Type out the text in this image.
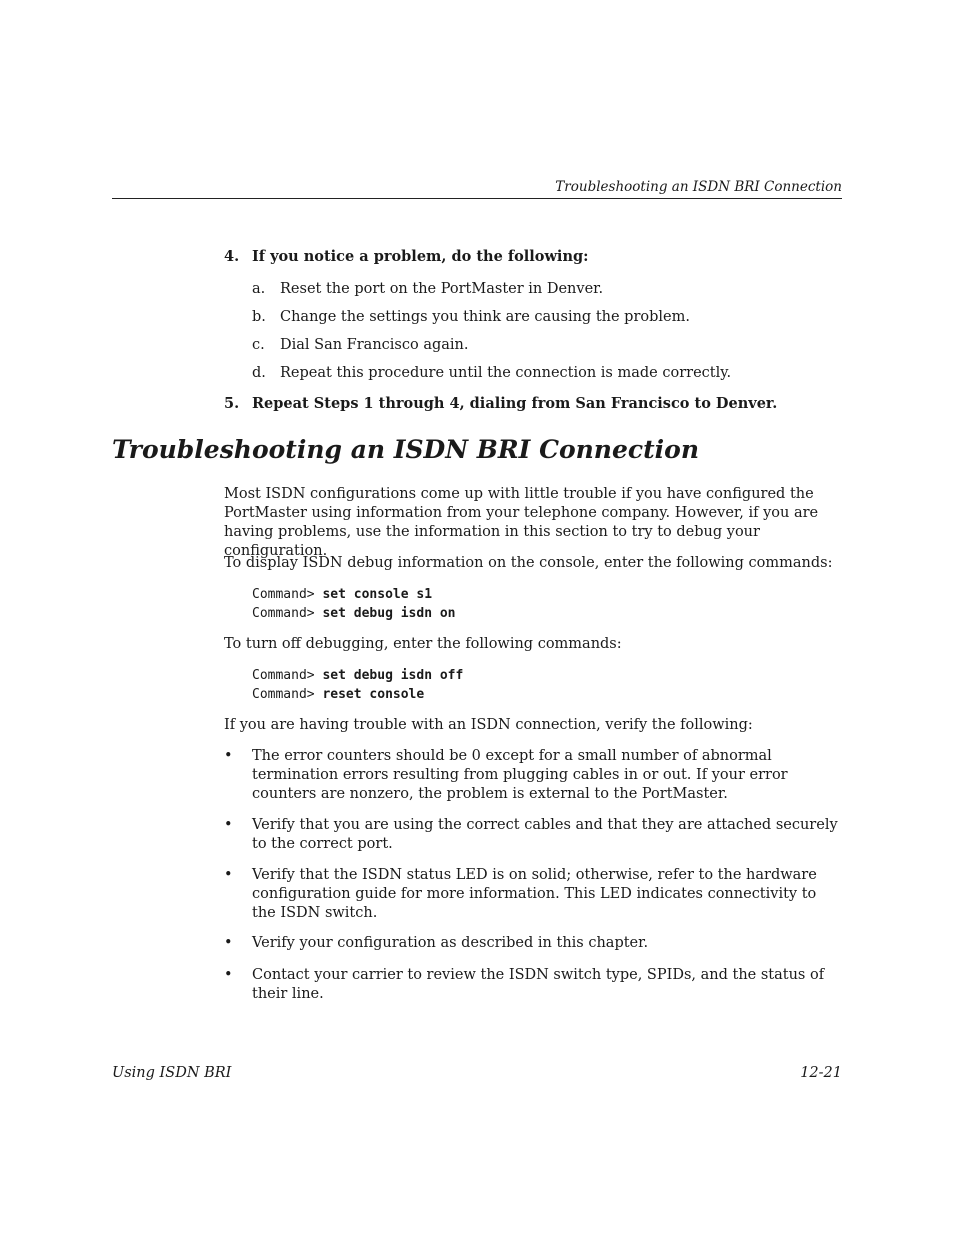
Troubleshooting an ISDN BRI Connection

4. If you notice a problem, do the following:

a. Reset the port on the PortMaster in Denver.

b. Change the settings you think are causing the problem.

c. Dial San Francisco again.

d. Repeat this procedure until the connection is made correctly.

5. Repeat Steps 1 through 4, dialing from San Francisco to Denver.

Troubleshooting an ISDN BRI Connection

Most ISDN configurations come up with little trouble if you have configured the PortMaster using information from your telephone company. However, if you are having problems, use the information in this section to try to debug your configuration.

To display ISDN debug information on the console, enter the following commands:

Command> set console s1

Command> set debug isdn on

To turn off debugging, enter the following commands:

Command> set debug isdn off

Command> reset console

If you are having trouble with an ISDN connection, verify the following:

• The error counters should be 0 except for a small number of abnormal termination errors resulting from plugging cables in or out. If your error counters are nonzero, the problem is external to the PortMaster.
• Verify that you are using the correct cables and that they are attached securely to the correct port.
• Verify that the ISDN status LED is on solid; otherwise, refer to the hardware configuration guide for more information. This LED indicates connectivity to the ISDN switch.
• Verify your configuration as described in this chapter.
• Contact your carrier to review the ISDN switch type, SPIDs, and the status of their line.
Using ISDN BRI	12-21
